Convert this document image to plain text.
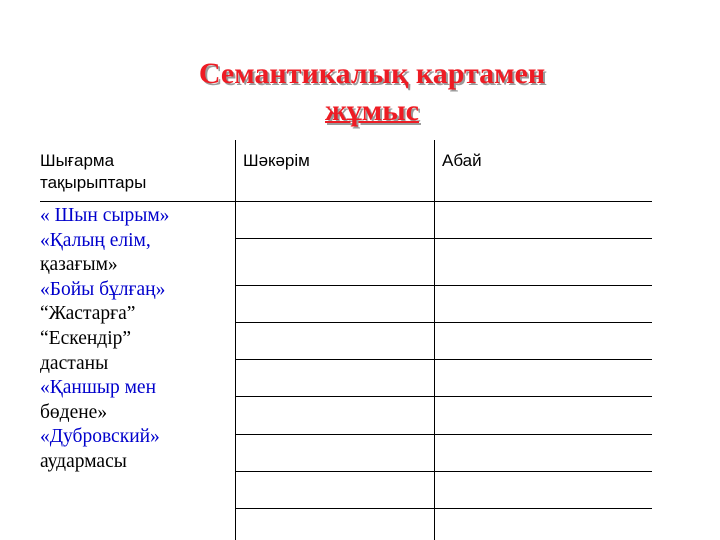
Семантикалық картамен
жұмыс
Шығарма тақырыптары
Шәкәрім	Абай
« Шын сырым»
«Қалың елім,
қазағым»
«Бойы бұлғаң»
“Жастарға”
“Ескендір”
дастаны
«Қаншыр мен
бөдене»
«Дубровский»
аудармасы
